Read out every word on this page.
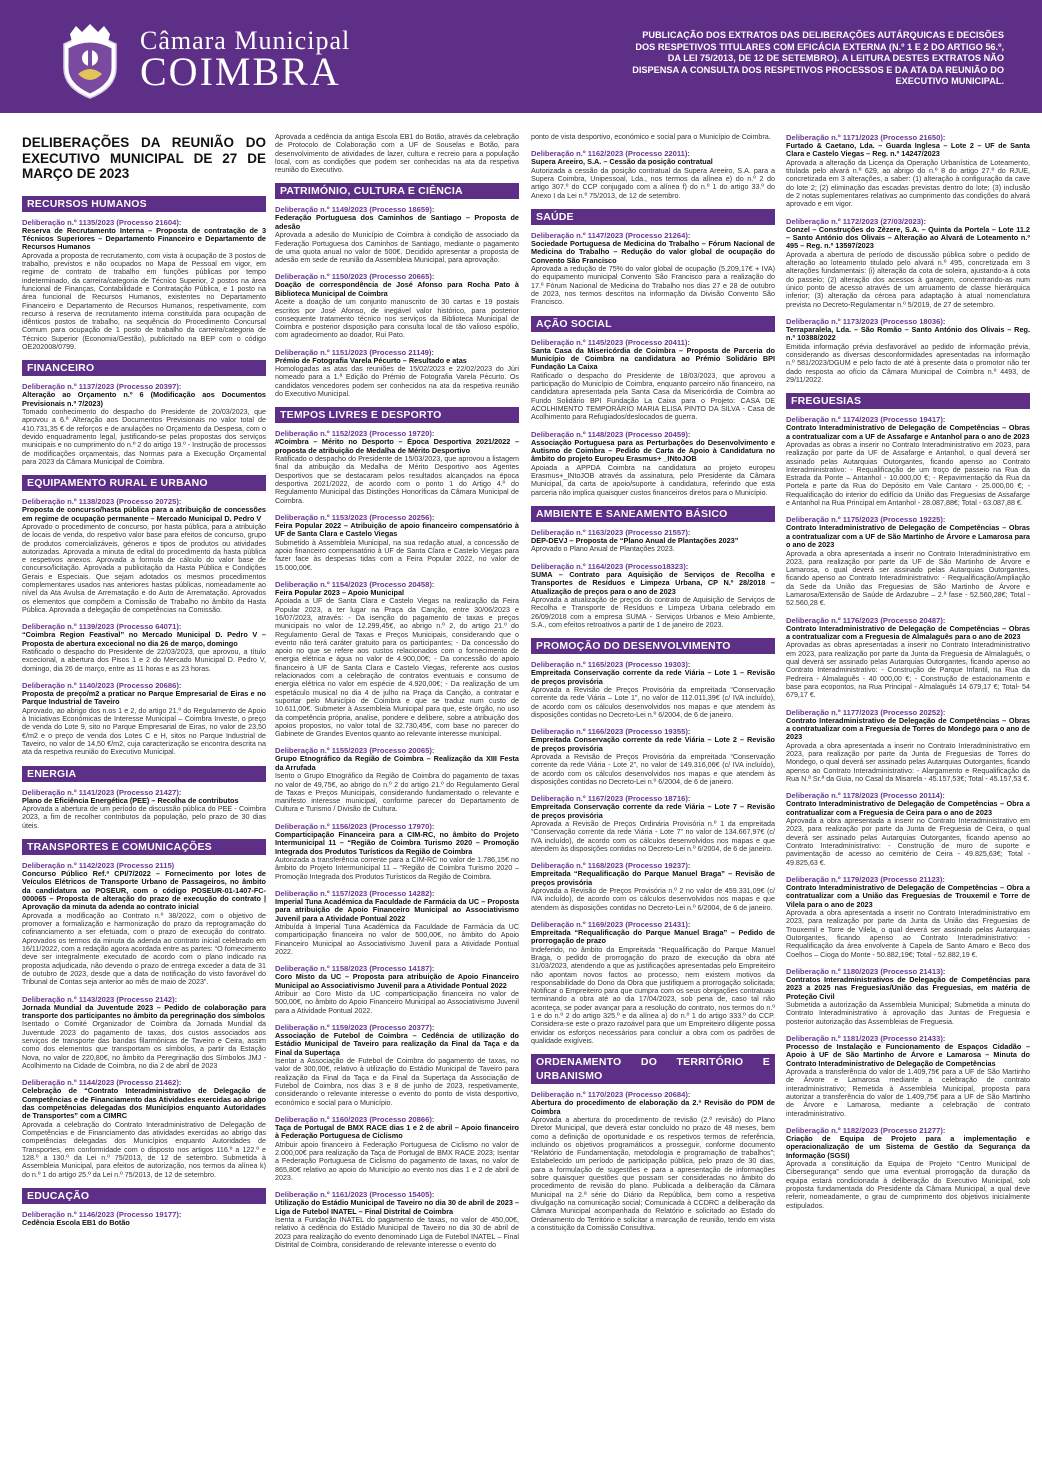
Câmara Municipal
COIMBRA
PUBLICAÇÃO DOS EXTRATOS DAS DELIBERAÇÕES AUTÁRQUICAS E DECISÕES DOS RESPETIVOS TITULARES COM EFICÁCIA EXTERNA (N.º 1 E 2 DO ARTIGO 56.º, DA LEI 75/2013, DE 12 DE SETEMBRO). A LEITURA DESTES EXTRATOS NÃO DISPENSA A CONSULTA DOS RESPETIVOS PROCESSOS E DA ATA DA REUNIÃO DO EXECUTIVO MUNICIPAL.
DELIBERAÇÕES DA REUNIÃO DO EXECUTIVO MUNICIPAL DE 27 DE MARÇO DE 2023
RECURSOS HUMANOS
Deliberação n.º 1135/2023 (Processo 21604):
Reserva de Recrutamento Interna – Proposta de contratação de 3 Técnicos Superiores – Departamento Financeiro e Departamento de Recursos Humanos
Aprovada a proposta de recrutamento, com vista à ocupação de 3 postos de trabalho, previstos e não ocupados no Mapa de Pessoal em vigor, em regime de contrato de trabalho em funções públicas por tempo indeterminado, da carreira/categoria de Técnico Superior, 2 postos na área funcional de Finanças, Contabilidade e Contratação Pública, e 1 posto na área funcional de Recursos Humanos, existentes no Departamento Financeiro e Departamento de Recursos Humanos, respetivamente, com recurso à reserva de recrutamento interna constituída para ocupação de idênticos postos de trabalho, na sequência do Procedimento Concursal Comum para ocupação de 1 posto de trabalho da carreira/categoria de Técnico Superior (Economia/Gestão), publicitado na BEP com o código OE202008/0799.
FINANCEIRO
Deliberação n.º 1137/2023 (Processo 20397):
Alteração ao Orçamento n.º 6 (Modificação aos Documentos Previsionais n.º 7/2023)
Tomado conhecimento do despacho do Presidente de 20/03/2023, que aprovou a 6.ª Alteração aos Documentos Previsionais no valor total de 410.731,35 € de reforços e de anulações no Orçamento da Despesa, com o devido enquadramento legal, justificando-se pelas propostas dos serviços municipais e no cumprimento do n.º 2 do artigo 19.º - Instrução de processos de modificações orçamentais, das Normas para a Execução Orçamental para 2023 da Câmara Municipal de Coimbra.
EQUIPAMENTO RURAL E URBANO
Deliberação n.º 1138/2023 (Processo 20725):
Proposta de concurso/hasta pública para a atribuição de concessões em regime de ocupação permanente – Mercado Municipal D. Pedro V
Aprovado o procedimento de concurso, por hasta pública, para a atribuição de locais de venda, do respetivo valor base para efeitos de concurso, grupo de produtos comercializáveis, géneros e tipos de produtos ou atividades autorizadas. Aprovada a minuta de edital do procedimento da hasta pública e respetivos anexos. Aprovada a formula de cálculo do valor base de concurso/licitação. Aprovada a publicitação da Hasta Pública e Condições Gerais e Especiais. Que sejam adotados os mesmos procedimentos complementares usados nas anteriores hastas públicas, nomeadamente ao nível da Ata Avulsa de Arrematação e do Auto de Arrematação. Aprovados os elementos que compõem a Comissão de Trabalho no âmbito da Hasta Pública. Aprovada a delegação de competências na Comissão.
Deliberação n.º 1139/2023 (Processo 64071):
“Coimbra Region Feastival” no Mercado Municipal D. Pedro V – Proposta de abertura excecional no dia 26 de março, domingo
Ratificado o despacho do Presidente de 22/03/2023, que aprovou, a título excecional, a abertura dos Pisos 1 e 2 do Mercado Municipal D. Pedro V, domingo, dia 26 de março, entre as 11 horas e as 23 horas.
Deliberação n.º 1140/2023 (Processo 20686):
Proposta de preço/m2 a praticar no Parque Empresarial de Eiras e no Parque Industrial de Taveiro
Aprovado, ao abrigo dos n.os 1 e 2, do artigo 21.º do Regulamento de Apoio à Iniciativas Económicas de Interesse Municipal – Coimbra Investe, o preço de venda do Lote 9, sito no Parque Empresarial de Eiras, no valor de 23,50 €/m2 e o preço de venda dos Lotes C e H, sitos no Parque Industrial de Taveiro, no valor de 14,50 €/m2, cuja caracterização se encontra descrita na ata da respetiva reunião do Executivo Municipal.
ENERGIA
Deliberação n.º 1141/2023 (Processo 21427):
Plano de Eficiência Energética (PEE) – Recolha de contributos
Aprovada a abertura de um período de discussão pública do PEE - Coimbra 2023, a fim de recolher contributos da população, pelo prazo de 30 dias úteis.
TRANSPORTES E COMUNICAÇÕES
Deliberação n.º 1142/2023 (Processo 2115)
Concurso Público Ref.ª CPI/7/2022 – Fornecimento por lotes de Veículos Elétricos de Transporte Urbano de Passageiros, no âmbito da candidatura ao POSEUR, com o código POSEUR-01-1407-FC-000065 – Proposta de alteração do prazo de execução do contrato | Aprovação da minuta da adenda ao contrato inicial
Aprovada a modificação ao Contrato n.º 38/2022, com o objetivo de promover a formalização e harmonização do prazo da reprogramação do cofinanciamento a ser efetuada, com o prazo de execução do contrato. Aprovados os termos da minuta da adenda ao contrato inicial celebrado em 16/11/2022, com a redação agora acordada entre as partes: “O fornecimento deve ser integralmente executado de acordo com o plano indicado na proposta adjudicada, não devendo o prazo de entrega exceder a data de 31 de outubro de 2023, desde que a data de notificação do visto favorável do Tribunal de Contas seja anterior ao mês de maio de 2023”.
Deliberação n.º 1143/2023 (Processo 2142):
Jornada Mundial da Juventude 2023 – Pedido de colaboração para transporte dos participantes no âmbito da peregrinação dos símbolos
Isentado o Comité Organizador de Coimbra da Jornada Mundial da Juventude 2023 do pagamento de taxas, dos custos associados aos serviços de transporte das bandas filarmónicas de Taveiro e Ceira, assim como dos elementos que transportam os símbolos, a partir da Estação Nova, no valor de 220,80€, no âmbito da Peregrinação dos Símbolos JMJ - Acolhimento na Cidade de Coimbra, no dia 2 de abril de 2023
Deliberação n.º 1144/2023 (Processo 21462):
Celebração de “Contrato Interadministrativo de Delegação de Competências e de Financiamento das Atividades exercidas ao abrigo das competências delegadas dos Municípios enquanto Autoridades de Transportes” com a CIMRC
Aprovada a celebração do Contrato Interadministrativo de Delegação de Competências e de Financiamento das atividades exercidas ao abrigo das competências delegadas dos Municípios enquanto Autoridades de Transportes, em conformidade com o disposto nos artigos 116.º a 122.º e 128.º a 130.º da Lei n.º 75/2013, de 12 de setembro. Submetida à Assembleia Municipal, para efeitos de autorização, nos termos da alínea k) do n.º 1 do artigo 25.º da Lei n.º 75/2013, de 12 de setembro.
EDUCAÇÃO
Deliberação n.º 1146/2023 (Processo 19177):
Cedência Escola EB1 do Botão
Aprovada a cedência da antiga Escola EB1 do Botão, através da celebração de Protocolo de Colaboração com a UF de Souselas e Botão, para desenvolvimento de atividades de lazer, cultura e recreio para a população local, com as condições que podem ser conhecidas na ata da respetiva reunião do Executivo.
PATRIMÓNIO, CULTURA E CIÊNCIA
Deliberação n.º 1149/2023 (Processo 18659):
Federação Portuguesa dos Caminhos de Santiago – Proposta de adesão
Aprovada a adesão do Município de Coimbra à condição de associado da Federação Portuguesa dos Caminhos de Santiago, mediante o pagamento de uma quota anual no valor de 500€. Decidido apresentar a proposta de adesão em sede de reunião da Assembleia Municipal, para aprovação.
Deliberação n.º 1150/2023 (Processo 20665):
Doação de correspondência de José Afonso para Rocha Pato à Biblioteca Municipal de Coimbra
Aceite a doação de um conjunto manuscrito de 30 cartas e 19 postais escritos por José Afonso, de inegável valor histórico, para posterior consequente tratamento técnico nos serviços da Biblioteca Municipal de Coimbra e posterior disposição para consulta local de tão valioso espólio, com agradecimento ao doador, Rui Pato.
Deliberação n.º 1151/2023 (Processo 21149):
Prémio de Fotografia Varela Pécurto – Resultado e atas
Homologadas as atas das reuniões de 15/02/2023 e 22/02/2023 do Júri nomeado para a 1.ª Edição do Prémio de Fotografia Varela Pécurto. Os candidatos vencedores podem ser conhecidos na ata da respetiva reunião do Executivo Municipal.
TEMPOS LIVRES E DESPORTO
Deliberação n.º 1152/2023 (Processo 19720):
#Coimbra – Mérito no Desporto – Época Desportiva 2021/2022 – proposta de atribuição de Medalha de Mérito Desportivo
Ratificado o despacho do Presidente de 15/03/2023, que aprovou a listagem final da atribuição da Medalha de Mérito Desportivo aos Agentes Desportivos que se destacaram pelos resultados alcançados na época desportiva 2021/2022, de acordo com o ponto 1 do Artigo 4.º do Regulamento Municipal das Distinções Honoríficas da Câmara Municipal de Coimbra.
Deliberação n.º 1153/2023 (Processo 20256):
Feira Popular 2022 – Atribuição de apoio financeiro compensatório à UF de Santa Clara e Castelo Viegas
Submetido à Assembleia Municipal, na sua redação atual, a concessão de apoio financeiro compensatório à UF de Santa Clara e Castelo Viegas para fazer face às despesas tidas com a Feira Popular 2022, no valor de 15.000,00€.
Deliberação n.º 1154/2023 (Processo 20458):
Feira Popular 2023 – Apoio Municipal
Apoiada a UF de Santa Clara e Castelo Viegas na realização da Feira Popular 2023, a ter lugar na Praça da Canção, entre 30/06/2023 e 16/07/2023, através: - Da isenção do pagamento de taxas e preços municipais no valor de 12.299,45€, ao abrigo n.º 2, do artigo 21.º do Regulamento Geral de Taxas e Preços Municipais, considerando que o evento não terá caráter gratuito para os participantes; - Da concessão do apoio no que se refere aos custos relacionados com o fornecimento de energia elétrica e água no valor de 4.900,00€; - Da concessão do apoio financeiro à UF de Santa Clara e Castelo Viegas, referente aos custos relacionados com a celebração de contratos eventuais e consumo de energia elétrica no valor em espécie de 4.920,00€; - Da realização de um espetáculo musical no dia 4 de julho na Praça da Canção, a contratar e suportar pelo Município de Coimbra e que se traduz num custo de 10.611,00€. Submeter à Assembleia Municipal para que, este órgão, no uso da competência própria, analise, pondere e delibere, sobre a atribuição dos apoios propostos, no valor total de 32.730,45€, com base no parecer do Gabinete de Grandes Eventos quanto ao relevante interesse municipal.
Deliberação n.º 1155/2023 (Processo 20065):
Grupo Etnográfico da Região de Coimbra – Realização da XIII Festa da Arrufada
Isento o Grupo Etnográfico da Região de Coimbra do pagamento de taxas no valor de 49,75€, ao abrigo do n.º 2 do artigo 21.º do Regulamento Geral de Taxas e Preços Municipais, considerando fundamentado o relevante e manifesto interesse municipal, conforme parecer do Departamento de Cultura e Turismo / Divisão de Cultura.
Deliberação n.º 1156/2023 (Processo 17970):
Comparticipação Financeira para a CIM-RC, no âmbito do Projeto Intermunicipal 11 – “Região de Coimbra Turismo 2020 – Promoção Integrada dos Produtos Turísticos da Região de Coimbra
Autorizada a transferência corrente para a CIM-RC no valor de 1.786,15€ no âmbito do Projeto Intermunicipal 11 – “Região de Coimbra Turismo 2020 – Promoção Integrada dos Produtos Turísticos da Região de Coimbra.
Deliberação n.º 1157/2023 (Processo 14282):
Imperial Tuna Académica da Faculdade de Farmácia da UC – Proposta para atribuição de Apoio Financeiro Municipal ao Associativismo Juvenil para a Atividade Pontual 2022
Atribuída à Imperial Tuna Académica da Faculdade de Farmácia da UC comparticipação financeira no valor de 500,00€, no âmbito do Apoio Financeiro Municipal ao Associativismo Juvenil para a Atividade Pontual 2022.
Deliberação n.º 1158/2023 (Processo 14187):
Coro Misto da UC – Proposta para atribuição de Apoio Financeiro Municipal ao Associativismo Juvenil para a Atividade Pontual 2022
Atribuir ao Coro Misto da UC comparticipação financeira no valor de 500,00€, no âmbito do Apoio Financeiro Municipal ao Associativismo Juvenil para a Atividade Pontual 2022.
Deliberação n.º 1159/2023 (Processo 20377):
Associação de Futebol de Coimbra – Cedência de utilização do Estádio Municipal de Taveiro para realização da Final da Taça e da Final da Supertaça
Isentar a Associação de Futebol de Coimbra do pagamento de taxas, no valor de 300,00€, relativo à utilização do Estádio Municipal de Taveiro para realização da Final da Taça e da Final da Supertaça da Associação de Futebol de Coimbra, nos dias 3 e 8 de junho de 2023, respetivamente, considerando o relevante interesse o evento do ponto de vista desportivo, económico e social para o Município.
Deliberação n.º 1160/2023 (Processo 20866):
Taça de Portugal de BMX RACE dias 1 e 2 de abril – Apoio financeiro à Federação Portuguesa de Ciclismo
Atribuir apoio financeiro à Federação Portuguesa de Ciclismo no valor de 2.000,00€ para realização da Taça de Portugal de BMX RACE 2023; Isentar a Federação Portuguesa de Ciclismo do pagamento de taxas, no valor de 865,80€ relativo ao apoio do Município ao evento nos dias 1 e 2 de abril de 2023.
Deliberação n.º 1161/2023 (Processo 15405):
Utilização do Estádio Municipal de Taveiro no dia 30 de abril de 2023 – Liga de Futebol INATEL – Final Distrital de Coimbra
Isenta a Fundação INATEL do pagamento de taxas, no valor de 450,00€, relativo à cedência do Estádio Municipal de Taveiro no dia 30 de abril de 2023 para realização do evento denominado Liga de Futebol INATEL – Final Distrital de Coimbra, considerando de relevante interesse o evento do
ponto de vista desportivo, económico e social para o Município de Coimbra.
Deliberação n.º 1162/2023 (Processo 22011):
Supera Areeiro, S.A. – Cessão da posição contratual
Autorizada a cessão da posição contratual da Supera Areeiro, S.A. para a Supera Coimbra, Unipessoal, Lda., nos termos da alínea e) do n.º 2 do artigo 307.º do CCP conjugado com a alínea f) do n.º 1 do artigo 33.º do Anexo I da Lei n.º 75/2013, de 12 de setembro.
SAÚDE
Deliberação n.º 1147/2023 (Processo 21264):
Sociedade Portuguesa de Medicina do Trabalho – Fórum Nacional de Medicina do Trabalho – Redução do valor global de ocupação do Convento São Francisco
Aprovada a redução de 75% do valor global de ocupação (5.209,17€ + IVA) do equipamento municipal Convento São Francisco para a realização do 17.º Fórum Nacional de Medicina do Trabalho nos dias 27 e 28 de outubro de 2023, nos termos descritos na informação da Divisão Convento São Francisco.
AÇÃO SOCIAL
Deliberação n.º 1145/2023 (Processo 20411):
Santa Casa da Misericórdia de Coimbra – Proposta de Parceria do Município de Coimbra na candidatura ao Prémio Solidário BPI Fundação La Caixa
Ratificado o despacho do Presidente de 18/03/2023, que aprovou a participação do Município de Coimbra, enquanto parceiro não financeiro, na candidatura apresentada pela Santa Casa da Misericórdia de Coimbra ao Fundo Solidário BPI Fundação La Caixa para o Projeto: CASA DE ACOLHIMENTO TEMPORÁRIO MARIA ELISA PINTO DA SILVA - Casa de Acolhimento para Refugiados/deslocados de guerra.
Deliberação n.º 1148/2023 (Processo 20459):
Associação Portuguesa para as Perturbações do Desenvolvimento e Autismo de Coimbra – Pedido de Carta de Apoio à Candidatura no âmbito do projeto Europeu Erasmus+ _INtoJOB
Apoiada a APPDA Coimbra na candidatura ao projeto europeu Erasmus+_INtoJOB através da assinatura, pelo Presidente da Câmara Municipal, da carta de apoio/suporte à candidatura, referindo que esta parceria não implica quaisquer custos financeiros diretos para o Município.
AMBIENTE E SANEAMENTO BÁSICO
Deliberação n.º 1163/2023 (Processo 21557):
DEP-DEVJ – Proposta de “Plano Anual de Plantações 2023”
Aprovado o Plano Anual de Plantações 2023.
Deliberação n.º 1164/2023 (Processo18323):
SUMA – Contrato para Aquisição de Serviços de Recolha e Transportes de Resíduos e Limpeza Urbana, CP N.º 28/2018 – Atualização de preços para o ano de 2023
Aprovada a atualização de preços do contrato de Aquisição de Serviços de Recolha e Transporte de Resíduos e Limpeza Urbana celebrado em 26/09/2018 com a empresa SUMA - Serviços Urbanos e Meio Ambiente, S.A., com efeitos retroativos a partir de 1 de janeiro de 2023.
PROMOÇÃO DO DESENVOLVIMENTO
Deliberação n.º 1165/2023 (Processo 19303):
Empreitada Conservação corrente da rede Viária – Lote 1 – Revisão de preços provisória
Aprovada a Revisão de Preços Provisória da empreitada “Conservação corrente da rede Viária – Lote 1”, no valor de 112.011,39€ (c/ IVA incluído), de acordo com os cálculos desenvolvidos nos mapas e que atendem às disposições contidas no Decreto-Lei n.º 6/2004, de 6 de janeiro.
Deliberação n.º 1166/2023 (Processo 19355):
Empreitada Conservação corrente da rede Viária – Lote 2 – Revisão de preços provisória
Aprovada a Revisão de Preços Provisória da empreitada “Conservação corrente da rede Viária - Lote 2”, no valor de 149.316,06€ (c/ IVA incluído), de acordo com os cálculos desenvolvidos nos mapas e que atendem às disposições contidas no Decreto-Lei n.º 6/2004, de 6 de janeiro.
Deliberação n.º 1167/2023 (Processo 18716):
Empreitada Conservação corrente da rede Viária – Lote 7 – Revisão de preços provisória
Aprovada a Revisão de Preços Ordinária Provisória n.º 1 da empreitada “Conservação corrente da rede Viária - Lote 7” no valor de 134.667,97€ (c/ IVA incluído), de acordo com os cálculos desenvolvidos nos mapas e que atendem às disposições contidas no Decreto-Lei n.º 6/2004, de 6 de janeiro.
Deliberação n.º 1168/2023 (Processo 19237):
Empreitada “Requalificação do Parque Manuel Braga” – Revisão de preços provisória
Aprovada a Revisão de Preços Provisória n.º 2 no valor de 459.331,09€ (c/ IVA incluído), de acordo com os cálculos desenvolvidos nos mapas e que atendem às disposições contidas no Decreto-Lei n.º 6/2004, de 6 de janeiro.
Deliberação n.º 1169/2023 (Processo 21431):
Empreitada “Requalificação do Parque Manuel Braga” – Pedido de prorrogação de prazo
Indeferido, no âmbito da Empreitada “Requalificação do Parque Manuel Braga, o pedido de prorrogação do prazo de execução da obra até 31/03/2023, atendendo a que as justificações apresentadas pelo Empreiteiro não apontam novos factos ao processo, nem existem motivos da responsabilidade do Dono da Obra que justifiquem a prorrogação solicitada; Notificar o Empreiteiro para que cumpra com os seus obrigações contratuais terminando a obra até ao dia 17/04/2023, sob pena de, caso tal não aconteça, se poder avançar para a resolução do contrato, nos termos do n.º 1 e do n.º 2 do artigo 325.º e da alínea a) do n.º 1 do artigo 333.º do CCP. Considera-se este o prazo razoável para que um Empreiteiro diligente possa envidar os esforços necessários para concluir a obra com os padrões de qualidade exigíveis.
ORDENAMENTO DO TERRITÓRIO E URBANISMO
Deliberação n.º 1170/2023 (Processo 20684):
Abertura do procedimento de elaboração da 2.ª Revisão do PDM de Coimbra
Aprovada a abertura do procedimento de revisão (2.ª revisão) do Plano Diretor Municipal, que deverá estar concluído no prazo de 48 meses, bem como a definição de oportunidade e os respetivos termos de referência, incluindo os objetivos programáticos a prosseguir, conforme documento “Relatório de Fundamentação, metodologia e programação de trabalhos”; Estabelecido um período de participação pública, pelo prazo de 30 dias, para a formulação de sugestões e para a apresentação de informações sobre quaisquer questões que possam ser consideradas no âmbito do procedimento de revisão do plano. Publicada a deliberação da Câmara Municipal na 2.ª série do Diário da República, bem como a respetiva divulgação na comunicação social; Comunicada à CCDRC a deliberação da Câmara Municipal acompanhada do Relatório e solicitado ao Estado do Ordenamento do Território e solicitar a marcação de reunião, tendo em vista a constituição da Comissão Consultiva.
Deliberação n.º 1171/2023 (Processo 21650):
Furtado & Caetano, Lda. – Guarda Inglesa – Lote 2 – UF de Santa Clara e Castelo Viegas – Reg. n.º 14247/2023
Aprovada a alteração da Licença da Operação Urbanística de Loteamento, titulada pelo alvará n.º 629, ao abrigo do n.º 8 do artigo 27.º do RJUE, concretizada em 3 alterações, a saber: (1) alteração à configuração da cave do lote 2; (2) eliminação das escadas previstas dentro do lote; (3) inclusão de 2 notas suplementares relativas ao cumprimento das condições do alvará aprovado e em vigor.
Deliberação n.º 1172/2023 (27/03/2023):
Conzel – Construções do Zêzere, S.A. – Quinta da Portela – Lote 11.2 – Santo António dos Olivais – Alteração ao Alvará de Loteamento n.º 495 – Reg. n.º 13597/2023
Aprovada a abertura de período de discussão pública sobre o pedido de alteração ao loteamento titulado pelo alvará n.º 495, concretizada em 3 alterações fundamentais: (i) alteração da cota de soleira, ajustando-a à cota do passeio; (2) alteração dos acessos à garagem, concentrando-as num único ponto de acesso através de um arruamento de classe hierárquica inferior; (3) alteração da cércea para adaptação à atual nomenclatura prevista no Decreto-Regulamentar n.º 5/2019, de 27 de setembro.
Deliberação n.º 1173/2023 (Processo 18036):
Terraparalela, Lda. – São Romão – Santo António dos Olivais – Reg. n.º 10388/2022
Emitida informação prévia desfavorável ao pedido de informação prévia, considerando as diversas desconformidades apresentadas na informação n.º 581/2023/DGUM e pelo facto de até à presente data o promotor não ter dado resposta ao ofício da Câmara Municipal de Coimbra n.º 4493, de 29/11/2022.
FREGUESIAS
Deliberação n.º 1174/2023 (Processo 19417):
Contrato Interadministrativo de Delegação de Competências – Obras a contratualizar com a UF de Assafarge e Antanhol para o ano de 2023
Aprovadas as obras a inserir no Contrato Interadministrativo em 2023, para realização por parte da UF de Assafarge e Antanhol, o qual deverá ser assinado pelas Autarquias Outorgantes, ficando apenso ao Contrato Interadministrativo: - Requalificação de um troço de passeio na Rua da Estrada da Ponte – Antanhol - 10.000,00 €; - Repavimentação da Rua da Portela e parte da Rua do Depósito em Vale Cantaro - 25.000,00 €; - Requalificação do interior do edifício da União das Freguesias de Assafarge e Antanhol na Rua Principal em Antanhol - 28.087,88€; Total - 63.087,88 €.
Deliberação n.º 1175/2023 (Processo 19225):
Contrato Interadministrativo de Delegação de Competências – Obras a contratualizar com a UF de São Martinho de Árvore e Lamarosa para o ano de 2023
Aprovada a obra apresentada a inserir no Contrato Interadministrativo em 2023, para realização por parte da UF de São Martinho de Árvore e Lamarosa, o qual deverá ser assinado pelas Autarquias Outorgantes, ficando apenso ao Contrato Interadministrativo: - Requalificação/Ampliação da Sede da União das Freguesias de São Martinho de Árvore e Lamarosa/Extensão de Saúde de Ardazubre – 2.ª fase - 52.560,28€; Total - 52.560,28 €.
Deliberação n.º 1176/2023 (Processo 20487):
Contrato Interadministrativo de Delegação de Competências – Obras a contratualizar com a Freguesia de Almalaguês para o ano de 2023
Aprovadas as obras apresentadas a inserir no Contrato Interadministrativo em 2023, para realização por parte da Junta da Freguesia de Almalaguês, o qual deverá ser assinado pelas Autarquias Outorgantes, ficando apenso ao Contrato Interadministrativo: - Construção de Parque Infantil, na Rua da Pedreira - Almalaguês - 40 000,00 €; - Construção de estacionamento e base para ecopontos, na Rua Principal - Almalaguês 14 679,17 €; Total- 54 679,17 €.
Deliberação n.º 1177/2023 (Processo 20252):
Contrato Interadministrativo de Delegação de Competências – Obras a contratualizar com a Freguesia de Torres do Mondego para o ano de 2023
Aprovada a obra apresentada a inserir no Contrato Interadministrativo em 2023, para realização por parte da Junta de Freguesias de Torres do Mondego, o qual deverá ser assinado pelas Autarquias Outorgantes, ficando apenso ao Contrato Interadministrativo: - Alargamento e Requalificação da Rua N.ª Sr.ª da Guia, no Casal da Misarela - 45.157,53€; Total - 45.157,53 €.
Deliberação n.º 1178/2023 (Processo 20114):
Contrato Interadministrativo de Delegação de Competências – Obra a contratualizar com a Freguesia de Ceira para o ano de 2023
Aprovada a obra apresentada a inserir no Contrato Interadministrativo em 2023, para realização por parte da Junta de Freguesia de Ceira, o qual deverá ser assinado pelas Autarquias Outorgantes, ficando apenso ao Contrato Interadministrativo: - Construção de muro de suporte e pavimentação de acesso ao cemitério de Ceira - 49.825,63€; Total - 49.825,63 €.
Deliberação n.º 1179/2023 (Processo 21123):
Contrato Interadministrativo de Delegação de Competências – Obra a contratualizar com a União das Freguesias de Trouxemil e Torre de Vilela para o ano de 2023
Aprovada a obra apresentada a inserir no Contrato Interadministrativo em 2023, para realização por parte da Junta da União das Freguesias de Trouxemil e Torre de Vilela, o qual deverá ser assinado pelas Autarquias Outorgantes, ficando apenso ao Contrato Interadministrativo: - Requalificação da área envolvente à Capela de Santo Amaro e Beco dos Coelhos – Cioga do Monte - 50.882,19€; Total - 52.882,19 €.
Deliberação n.º 1180/2023 (Processo 21413):
Contratos Interadministrativos de Delegação de Competências para 2023 a 2025 nas Freguesias/União das Freguesias, em matéria de Proteção Civil
Submetida a autorização da Assembleia Municipal; Submetida a minuta do Contrato Interadministrativo à aprovação das Juntas de Freguesia e posterior autorização das Assembleias de Freguesia.
Deliberação n.º 1181/2023 (Processo 21433):
Processo de Instalação e Funcionamento de Espaços Cidadão – Apoio à UF de São Martinho de Árvore e Lamarosa – Minuta do Contrato Interadministrativo de Delegação de Competências
Aprovada a transferência do valor de 1.409,75€ para a UF de São Martinho de Árvore e Lamarosa mediante a celebração de contrato interadministrativo; Remetida à Assembleia Municipal, proposta para autorizar a transferência do valor de 1.409,75€ para a UF de São Martinho de Árvore e Lamarosa, mediante a celebração de contrato interadministrativo.
Deliberação n.º 1182/2023 (Processo 21277):
Criação de Equipa de Projeto para a implementação e operacionalização de um Sistema de Gestão da Segurança da Informação (SGSI)
Aprovada a constituição da Equipa de Projeto “Centro Municipal de Cibersegurança” sendo que uma eventual prorrogação da duração da equipa estará condicionada à deliberação do Executivo Municipal, sob proposta fundamentada do Presidente da Câmara Municipal, a qual deve referir, nomeadamente, o grau de cumprimento dos objetivos inicialmente estipulados.
